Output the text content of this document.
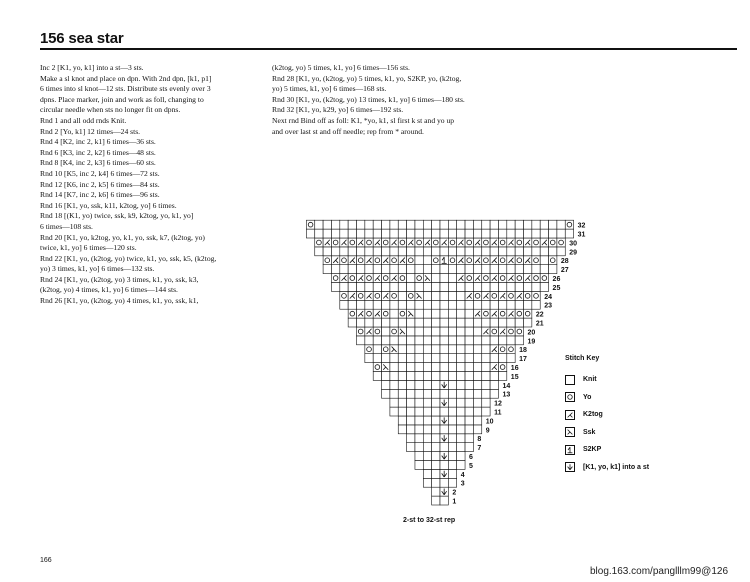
156 sea star

Inc 2 [K1, yo, k1] into a st—3 sts.

Make a sl knot and place on dpn. With 2nd dpn, [k1, p1]

6 times into sl knot—12 sts. Distribute sts evenly over 3

dpns. Place marker, join and work as foll, changing to

circular needle when sts no longer fit on dpns.

Rnd 1 and all odd rnds Knit.

Rnd 2 [Yo, k1] 12 times—24 sts.

Rnd 4 [K2, inc 2, k1] 6 times—36 sts.

Rnd 6 [K3, inc 2, k2] 6 times—48 sts.

Rnd 8 [K4, inc 2, k3] 6 times—60 sts.

Rnd 10 [K5, inc 2, k4] 6 times—72 sts.

Rnd 12 [K6, inc 2, k5] 6 times—84 sts.

Rnd 14 [K7, inc 2, k6] 6 times—96 sts.

Rnd 16 [K1, yo, ssk, k11, k2tog, yo] 6 times.

Rnd 18 [(K1, yo) twice, ssk, k9, k2tog, yo, k1, yo]

6 times—108 sts.

Rnd 20 [K1, yo, k2tog, yo, k1, yo, ssk, k7, (k2tog, yo)

twice, k1, yo] 6 times—120 sts.

Rnd 22 [K1, yo, (k2tog, yo) twice, k1, yo, ssk, k5, (k2tog,

yo) 3 times, k1, yo] 6 times—132 sts.

Rnd 24 [K1, yo, (k2tog, yo) 3 times, k1, yo, ssk, k3,

(k2tog, yo) 4 times, k1, yo] 6 times—144 sts.

Rnd 26 [K1, yo, (k2tog, yo) 4 times, k1, yo, ssk, k1,

(k2tog, yo) 5 times, k1, yo] 6 times—156 sts.

Rnd 28 [K1, yo, (k2tog, yo) 5 times, k1, yo, S2KP, yo, (k2tog,

yo) 5 times, k1, yo] 6 times—168 sts.

Rnd 30 [K1, yo, (k2tog, yo) 13 times, k1, yo] 6 times—180 sts.

Rnd 32 [K1, yo, k29, yo] 6 times—192 sts.

Next rnd Bind off as foll: K1, *yo, k1, sl first k st and yo up

and over last st and off needle; rep from * around.

1
2
3
4
5
6
7
8
9
10
11
12
13
14
15
16
17
18
19
20
21
22
23
24
25
26
27
28
29
30
31
32
2-st to 32-st rep
Stitch Key
Knit
Yo
K2tog
Ssk
S2KP
[K1, yo, k1] into a st
166
blog.163.com/panglllm99@126
